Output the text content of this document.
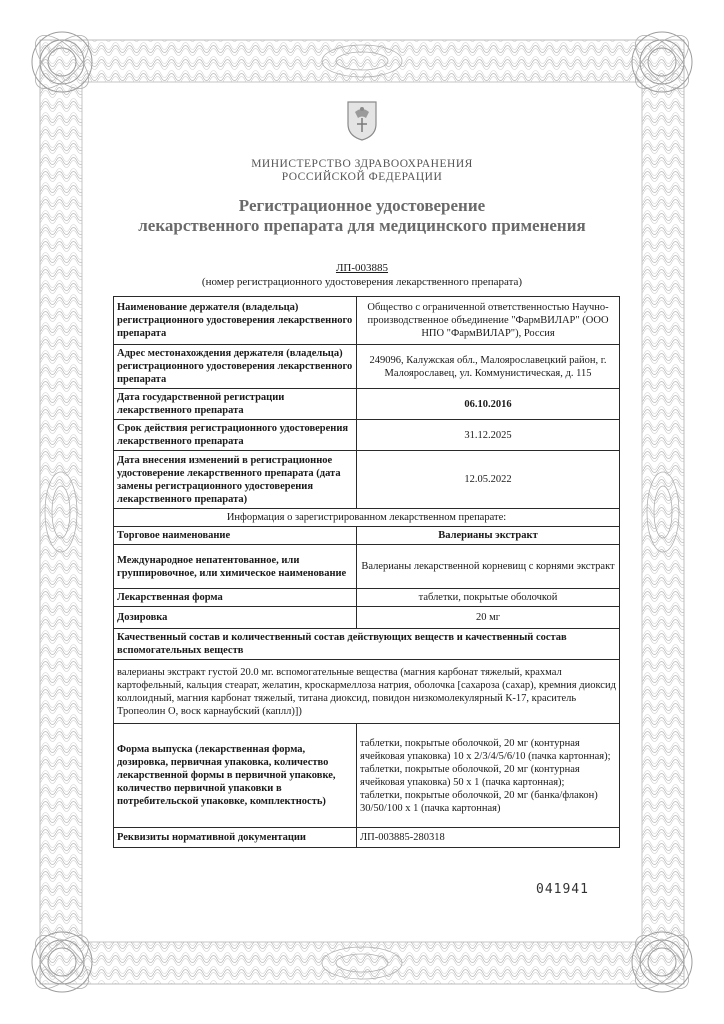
МИНИСТЕРСТВО ЗДРАВООХРАНЕНИЯ
РОССИЙСКОЙ ФЕДЕРАЦИИ
Регистрационное удостоверение
лекарственного препарата для медицинского применения
ЛП-003885
(номер регистрационного удостоверения лекарственного препарата)
Наименование держателя (владельца) регистрационного удостоверения лекарственного препарата	Общество с ограниченной ответственностью Научно-производственное объединение "ФармВИЛАР" (ООО НПО "ФармВИЛАР"), Россия
Адрес местонахождения держателя (владельца) регистрационного удостоверения лекарственного препарата	249096, Калужская обл., Малоярославецкий район, г. Малоярославец, ул. Коммунистическая, д. 115
Дата государственной регистрации лекарственного препарата	06.10.2016
Срок действия регистрационного удостоверения лекарственного препарата	31.12.2025
Дата внесения изменений в регистрационное удостоверение лекарственного препарата (дата замены регистрационного удостоверения лекарственного препарата)	12.05.2022
Информация о зарегистрированном лекарственном препарате:	
Торговое наименование	Валерианы экстракт
Международное непатентованное, или группировочное, или химическое наименование	Валерианы лекарственной корневищ с корнями экстракт
Лекарственная форма	таблетки, покрытые оболочкой
Дозировка	20 мг
Качественный состав и количественный состав действующих веществ и качественный состав вспомогательных веществ	
валерианы экстракт густой 20.0 мг. вспомогательные вещества (магния карбонат тяжелый, крахмал картофельный, кальция стеарат, желатин, кроскармеллоза натрия, оболочка [сахароза (сахар), кремния диоксид коллоидный, магния карбонат тяжелый, титана диоксид, повидон низкомолекулярный К-17, краситель Тропеолин О, воск карнаубский (каплл)])	
Форма выпуска (лекарственная форма, дозировка, первичная упаковка, количество лекарственной формы в первичной упаковке, количество первичной упаковки в потребительской упаковке, комплектность)	таблетки, покрытые оболочкой, 20 мг (контурная ячейковая упаковка) 10 х 2/3/4/5/6/10 (пачка картонная);
таблетки, покрытые оболочкой, 20 мг (контурная ячейковая упаковка) 50 х 1 (пачка картонная);
таблетки, покрытые оболочкой, 20 мг (банка/флакон) 30/50/100 х 1 (пачка картонная)

Реквизиты нормативной документации	ЛП-003885-280318
041941
